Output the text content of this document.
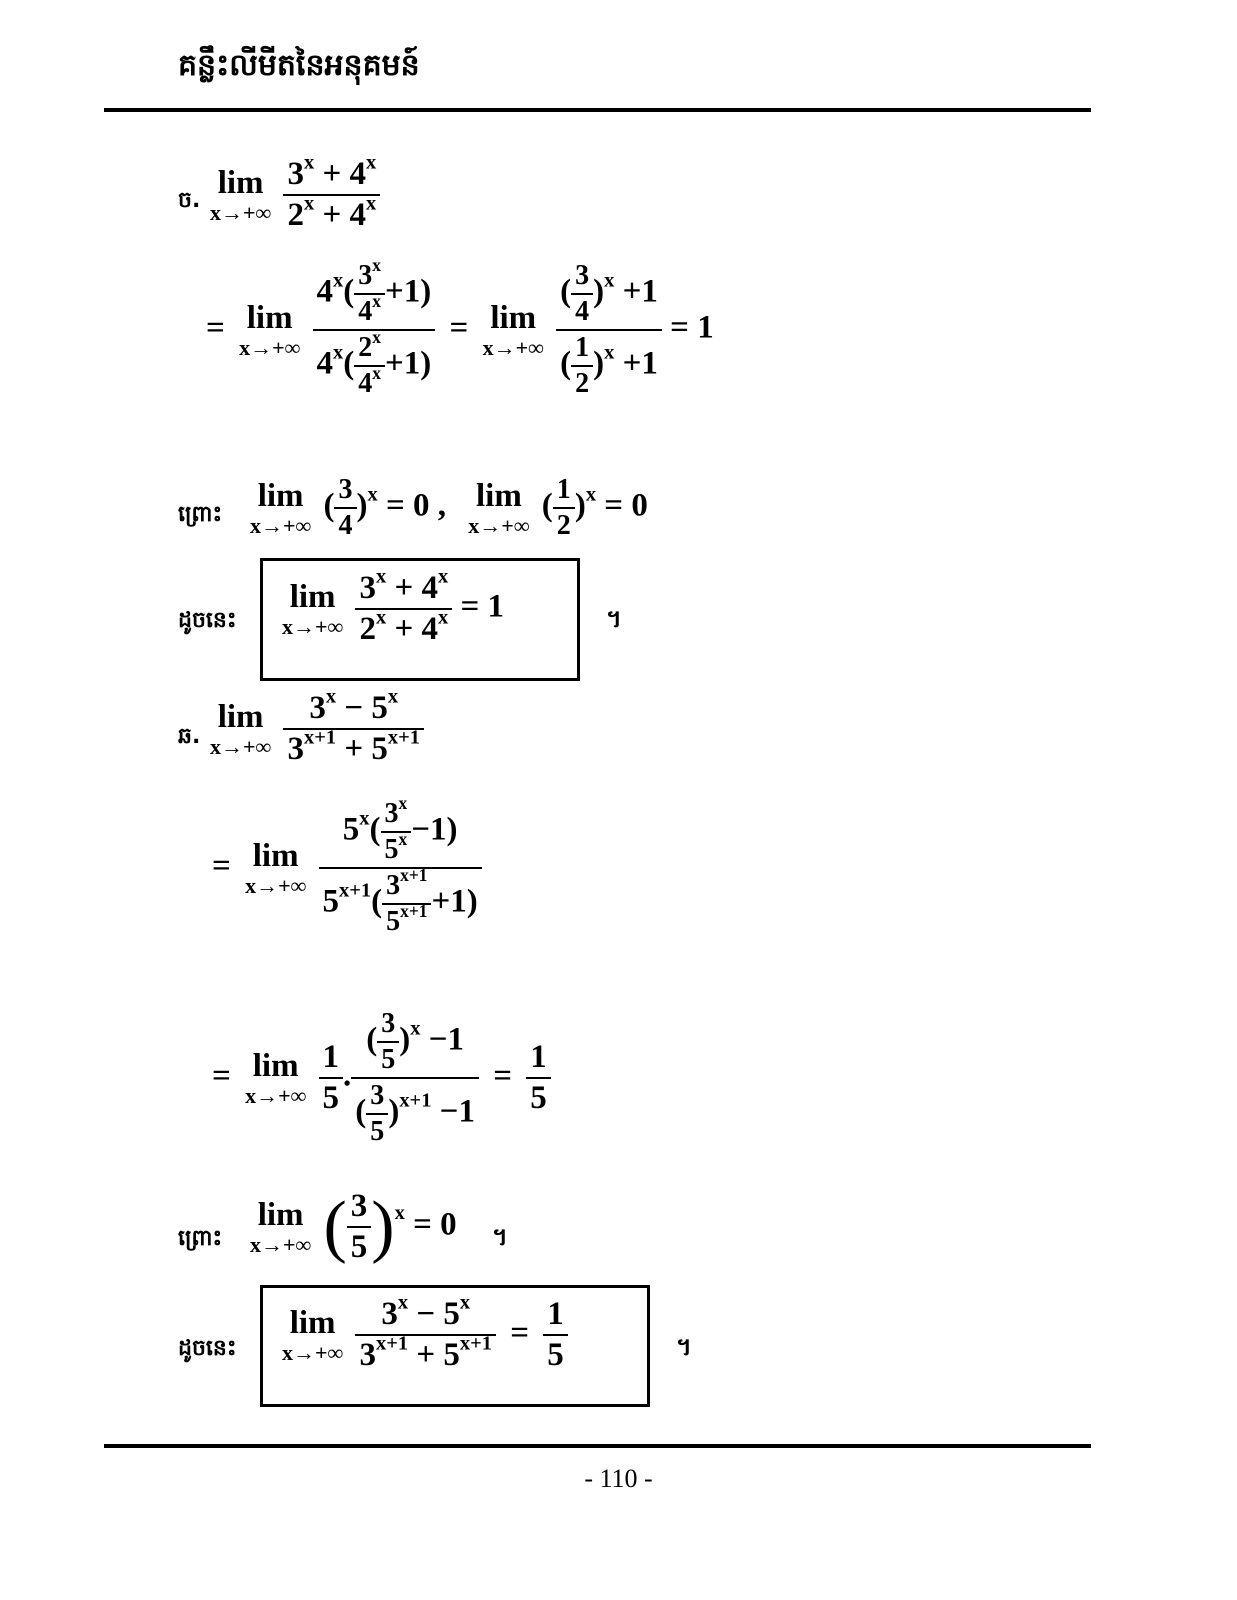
គន្លឹះលីមីតនៃអនុគមន៍
ច. lim
x→+∞
$\frac{3^x + 4^x}{2^x + 4^x}$
= lim
x→+∞
$\frac{4^x( \frac{3^x}{4^x} +1)}{4^x( \frac{2^x}{4^x} +1)} = \lim$
x→+∞
$\frac{( \frac{3}{4} )^x +1}{( \frac{1}{2} )^x +1} = 1$
ព្រោះ
lim
x→+∞
( $\frac{3}{4} )^x = 0$ , lim
x→+∞
( $\frac{1}{2} )^x = 0$
ដូចនេះ
lim
x→+∞
$\frac{3^x + 4^x}{2^x + 4^x} = 1$	។
ឆ.
lim
x→+∞
$\frac{3^x - 5^x}{3^{x+1} + 5^{x+1}}$
= lim
x→+∞
$\frac{5^x( \frac{3^x}{5^x} -1)}{5^{x+1}( \frac{3^{x+1}}{5^{x+1}} +1)}$
= lim
x→+∞
$\frac{1}{5}$ . $\frac{( \frac{3}{5} )^x -1}{( \frac{3}{5} )^{x+1} -1} = \frac{1}{5}$
ព្រោះ
lim
x→+∞ ( $\frac{3}{5} )^x = 0$ ។
ដូចនេះ
lim
x→+∞
$\frac{3^x - 5^x}{3^{x+1} + 5^{x+1}} = \frac{1}{5}$	។
- 110 -
